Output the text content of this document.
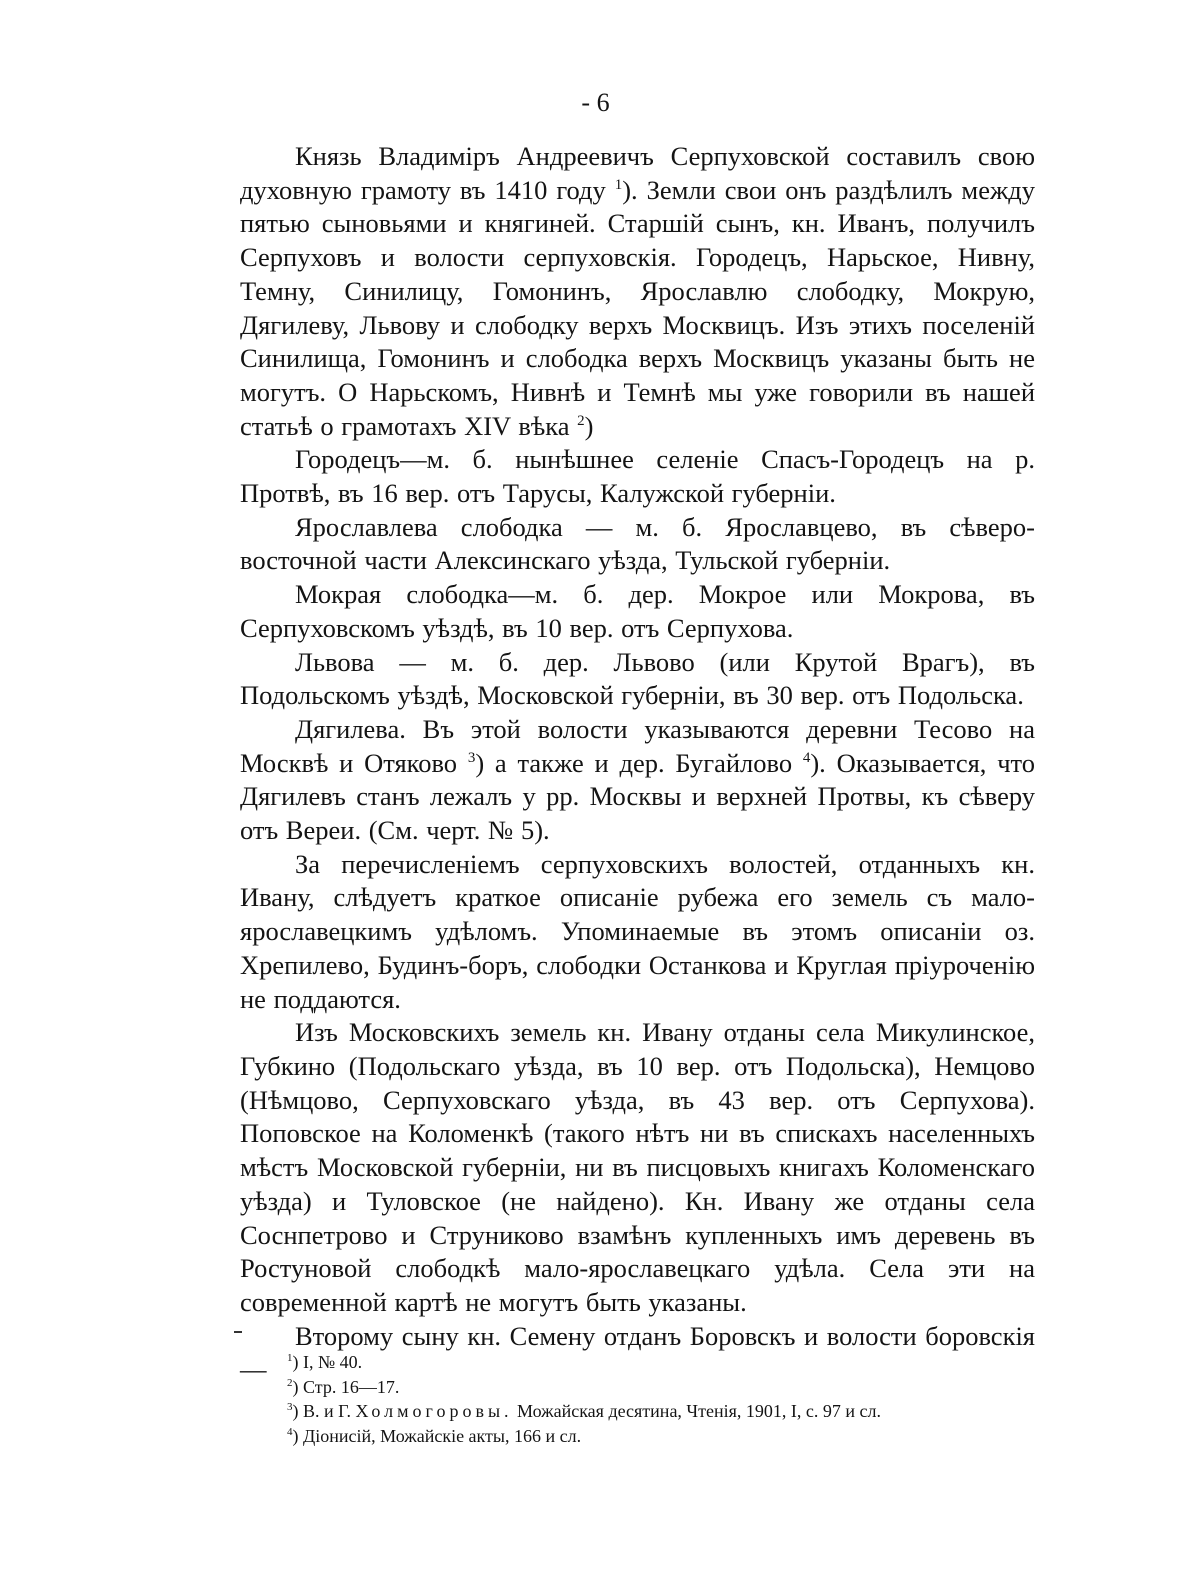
- 6

Князь Владиміръ Андреевичъ Серпуховской составилъ свою духовную грамоту въ 1410 году $^1$). Земли свои онъ раздѣлилъ между пятью сыновьями и княгиней. Старшій сынъ, кн. Иванъ, получилъ Серпуховъ и волости серпуховскія. Городецъ, Нарьское, Нивну, Темну, Синилицу, Гомонинъ, Ярославлю слободку, Мокрую, Дягилеву, Львову и слободку верхъ Москвицъ. Изъ этихъ поселеній Синилища, Гомонинъ и слободка верхъ Москвицъ указаны быть не могутъ. О Нарьскомъ, Нивнѣ и Темнѣ мы уже говорили въ нашей статьѣ о грамотахъ XIV вѣка $^2$)

Городецъ—м. б. нынѣшнее селеніе Спасъ-Городецъ на р. Протвѣ, въ 16 вер. отъ Тарусы, Калужской губерніи.

Ярославлева слободка — м. б. Ярославцево, въ сѣверо-восточной части Алексинскаго уѣзда, Тульской губерніи.

Мокрая слободка—м. б. дер. Мокрое или Мокрова, въ Серпуховскомъ уѣздѣ, въ 10 вер. отъ Серпухова.

Львова — м. б. дер. Львово (или Крутой Врагъ), въ Подольскомъ уѣздѣ, Московской губерніи, въ 30 вер. отъ Подольска.

Дягилева. Въ этой волости указываются деревни Тесово на Москвѣ и Отяково $^3$) а также и дер. Бугайлово $^4$). Оказывается, что Дягилевъ станъ лежалъ у рр. Москвы и верхней Протвы, къ сѣверу отъ Вереи. (См. черт. № 5).

За перечисленіемъ серпуховскихъ волостей, отданныхъ кн. Ивану, слѣдуетъ краткое описаніе рубежа его земель съ мало-ярославецкимъ удѣломъ. Упоминаемые въ этомъ описаніи оз. Хрепилево, Будинъ-боръ, слободки Останкова и Круглая пріуроченію не поддаются.

Изъ Московскихъ земель кн. Ивану отданы села Микулинское, Губкино (Подольскаго уѣзда, въ 10 вер. отъ Подольска), Немцово (Нѣмцово, Серпуховскаго уѣзда, въ 43 вер. отъ Серпухова). Поповское на Коломенкѣ (такого нѣтъ ни въ спискахъ населенныхъ мѣстъ Московской губерніи, ни въ писцовыхъ книгахъ Коломенскаго уѣзда) и Туловское (не найдено). Кн. Ивану же отданы села Соснпетрово и Струниково взамѣнъ купленныхъ имъ деревень въ Ростуновой слободкѣ мало-ярославецкаго удѣла. Села эти на современной картѣ не могутъ быть указаны.

Второму сыну кн. Семену отданъ Боровскъ и волости боровскія—	$^1$) I, № 40.

$^2$) Стр. 16—17.

$^3$) В. и Г. Холмогоровы. Можайская десятина, Чтенія, 1901, I, с. 97 и сл.

$^4$) Діонисій, Можайскіе акты, 166 и сл.
